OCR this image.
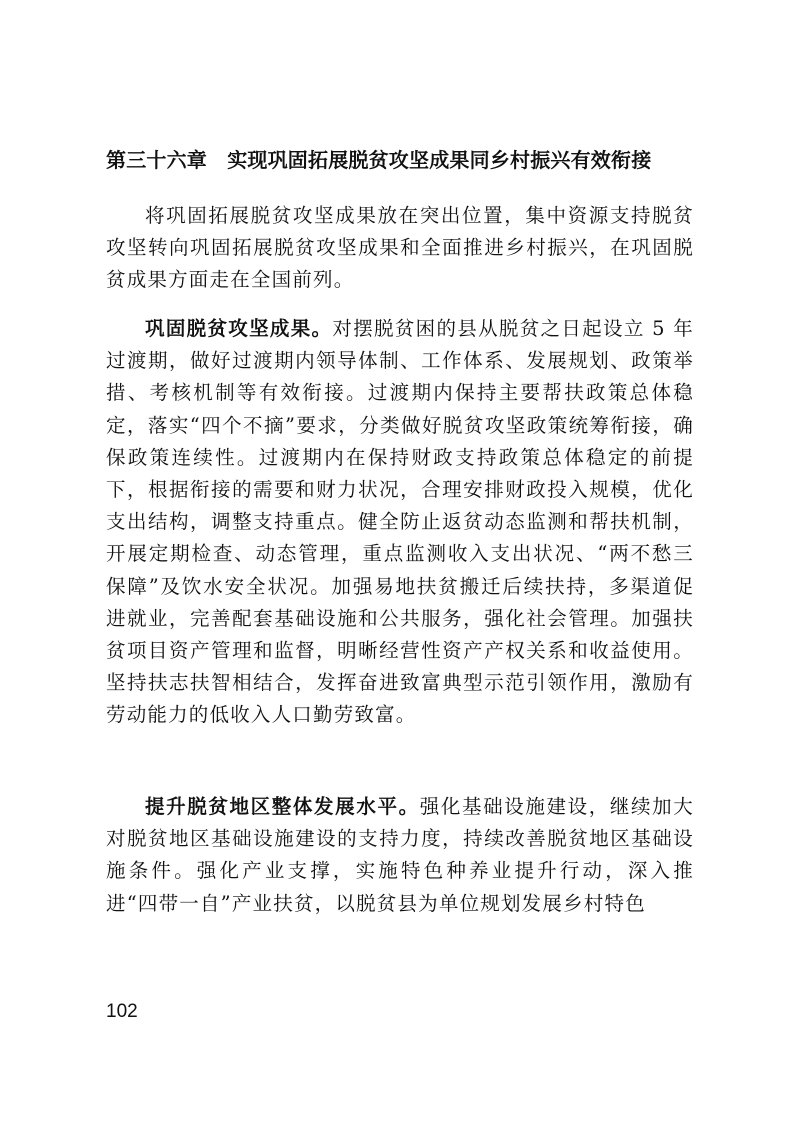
第三十六章　实现巩固拓展脱贫攻坚成果同乡村振兴有效衔接

将巩固拓展脱贫攻坚成果放在突出位置，集中资源支持脱贫攻坚转向巩固拓展脱贫攻坚成果和全面推进乡村振兴，在巩固脱贫成果方面走在全国前列。

巩固脱贫攻坚成果。对摆脱贫困的县从脱贫之日起设立 5 年过渡期，做好过渡期内领导体制、工作体系、发展规划、政策举措、考核机制等有效衔接。过渡期内保持主要帮扶政策总体稳定，落实“四个不摘”要求，分类做好脱贫攻坚政策统筹衔接，确保政策连续性。过渡期内在保持财政支持政策总体稳定的前提下，根据衔接的需要和财力状况，合理安排财政投入规模，优化支出结构，调整支持重点。健全防止返贫动态监测和帮扶机制，开展定期检查、动态管理，重点监测收入支出状况、“两不愁三保障”及饮水安全状况。加强易地扶贫搬迁后续扶持，多渠道促进就业，完善配套基础设施和公共服务，强化社会管理。加强扶贫项目资产管理和监督，明晰经营性资产产权关系和收益使用。坚持扶志扶智相结合，发挥奋进致富典型示范引领作用，激励有劳动能力的低收入人口勤劳致富。

提升脱贫地区整体发展水平。强化基础设施建设，继续加大对脱贫地区基础设施建设的支持力度，持续改善脱贫地区基础设施条件。强化产业支撑，实施特色种养业提升行动，深入推进“四带一自”产业扶贫，以脱贫县为单位规划发展乡村特色

102
